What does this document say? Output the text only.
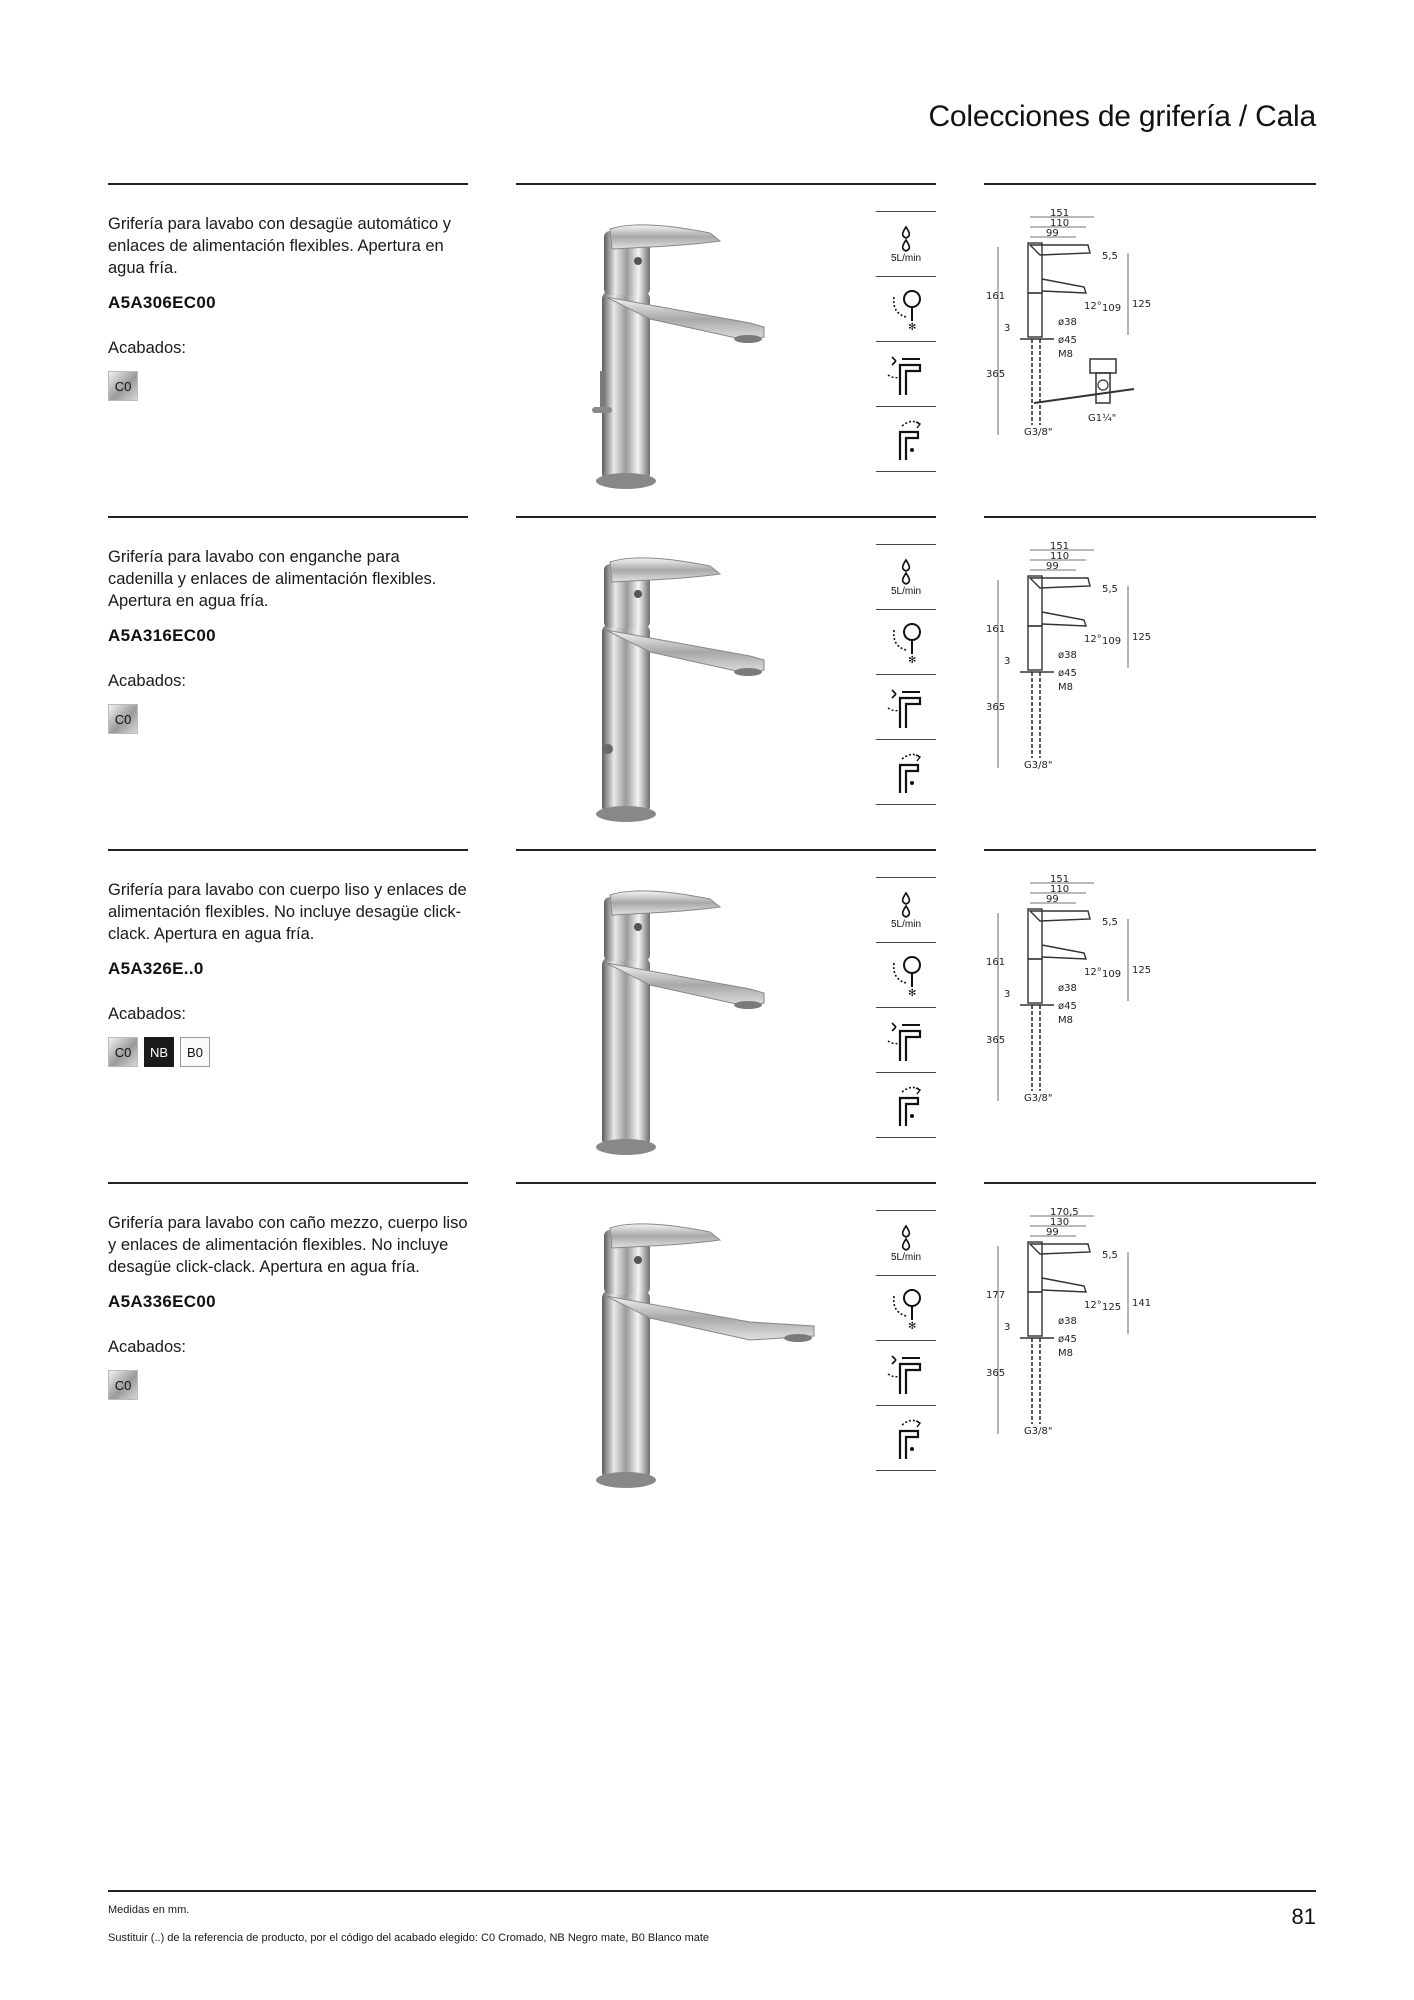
Colecciones de grifería / Cala
Grifería para lavabo con desagüe automático y enlaces de alimentación flexibles. Apertura en agua fría.
A5A306EC00
Acabados:
C0
5L/min
✻
151
110
99
5,5
12° 109 125
161
3
ø38
ø45
M8
365
G3/8"
G1¼"
Grifería para lavabo con enganche para cadenilla y enlaces de alimentación flexibles. Apertura en agua fría.
A5A316EC00
Acabados:
C0
5L/min
✻
151
110
99
5,5
12° 109 125
161
3
ø38
ø45
M8
365
G3/8"
Grifería para lavabo con cuerpo liso y enlaces de alimentación flexibles. No incluye desagüe click-clack. Apertura en agua fría.
A5A326E..0
Acabados:
C0	NB	B0
5L/min
✻
151
110
99
5,5
12° 109 125
161
3
ø38
ø45
M8
365
G3/8"
Grifería para lavabo con caño mezzo, cuerpo liso y enlaces de alimentación flexibles. No incluye desagüe click-clack. Apertura en agua fría.
A5A336EC00
Acabados:
C0
5L/min
✻
170,5
130
99
5,5
12° 125 141
177
3
ø38
ø45
M8
365
G3/8"
Medidas en mm.
Sustituir (..) de la referencia de producto, por el código del acabado elegido: C0 Cromado, NB Negro mate, B0 Blanco mate
81
